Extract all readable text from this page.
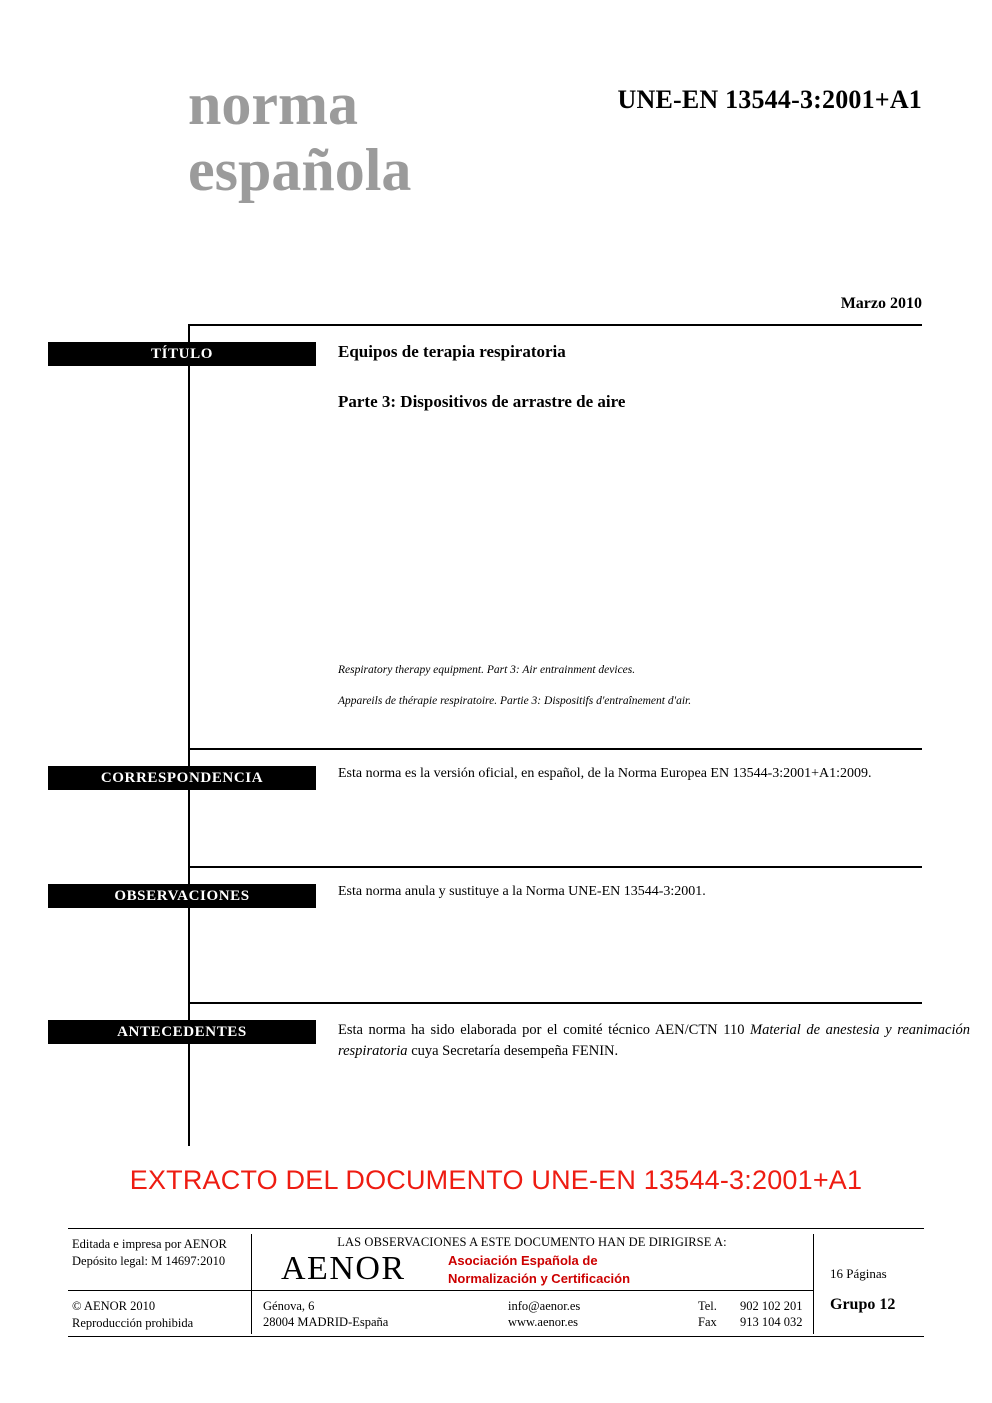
norma
española
UNE-EN 13544-3:2001+A1
Marzo 2010
TÍTULO
CORRESPONDENCIA
OBSERVACIONES
ANTECEDENTES
Equipos de terapia respiratoria
Parte 3: Dispositivos de arrastre de aire
Respiratory therapy equipment. Part 3: Air entrainment devices.
Appareils de thérapie respiratoire. Partie 3: Dispositifs d'entraînement d'air.
Esta norma es la versión oficial, en español, de la Norma Europea EN 13544-3:2001+A1:2009.
Esta norma anula y sustituye a la Norma UNE-EN 13544-3:2001.
Esta norma ha sido elaborada por el comité técnico AEN/CTN 110 Material de anestesia y reanimación respiratoria cuya Secretaría desempeña FENIN.
EXTRACTO DEL DOCUMENTO UNE-EN 13544-3:2001+A1
Editada e impresa por AENOR
Depósito legal: M 14697:2010
© AENOR 2010
Reproducción prohibida
LAS OBSERVACIONES A ESTE DOCUMENTO HAN DE DIRIGIRSE A:
AENOR	Asociación Española de
Normalización y Certificación
Génova, 6
28004 MADRID-España
info@aenor.es
www.aenor.es
Tel.
Fax
902 102 201
913 104 032
16 Páginas
Grupo 12
